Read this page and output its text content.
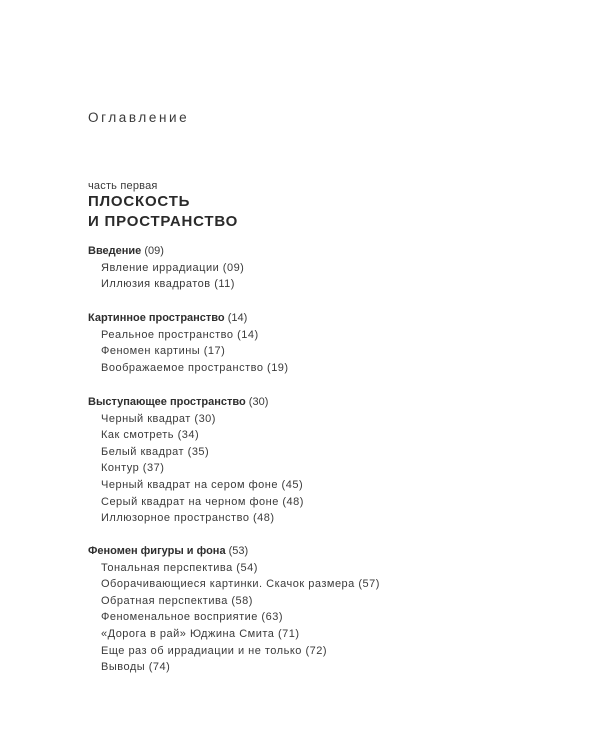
Оглавление
часть первая
ПЛОСКОСТЬ
И ПРОСТРАНСТВО
Введение (09)
Явление иррадиации (09)
Иллюзия квадратов (11)
Картинное пространство (14)
Реальное пространство (14)
Феномен картины (17)
Воображаемое пространство (19)
Выступающее пространство (30)
Черный квадрат (30)
Как смотреть (34)
Белый квадрат (35)
Контур (37)
Черный квадрат на сером фоне (45)
Серый квадрат на черном фоне (48)
Иллюзорное пространство (48)
Феномен фигуры и фона (53)
Тональная перспектива (54)
Оборачивающиеся картинки. Скачок размера (57)
Обратная перспектива (58)
Феноменальное восприятие (63)
«Дорога в рай» Юджина Смита (71)
Еще раз об иррадиации и не только (72)
Выводы (74)
